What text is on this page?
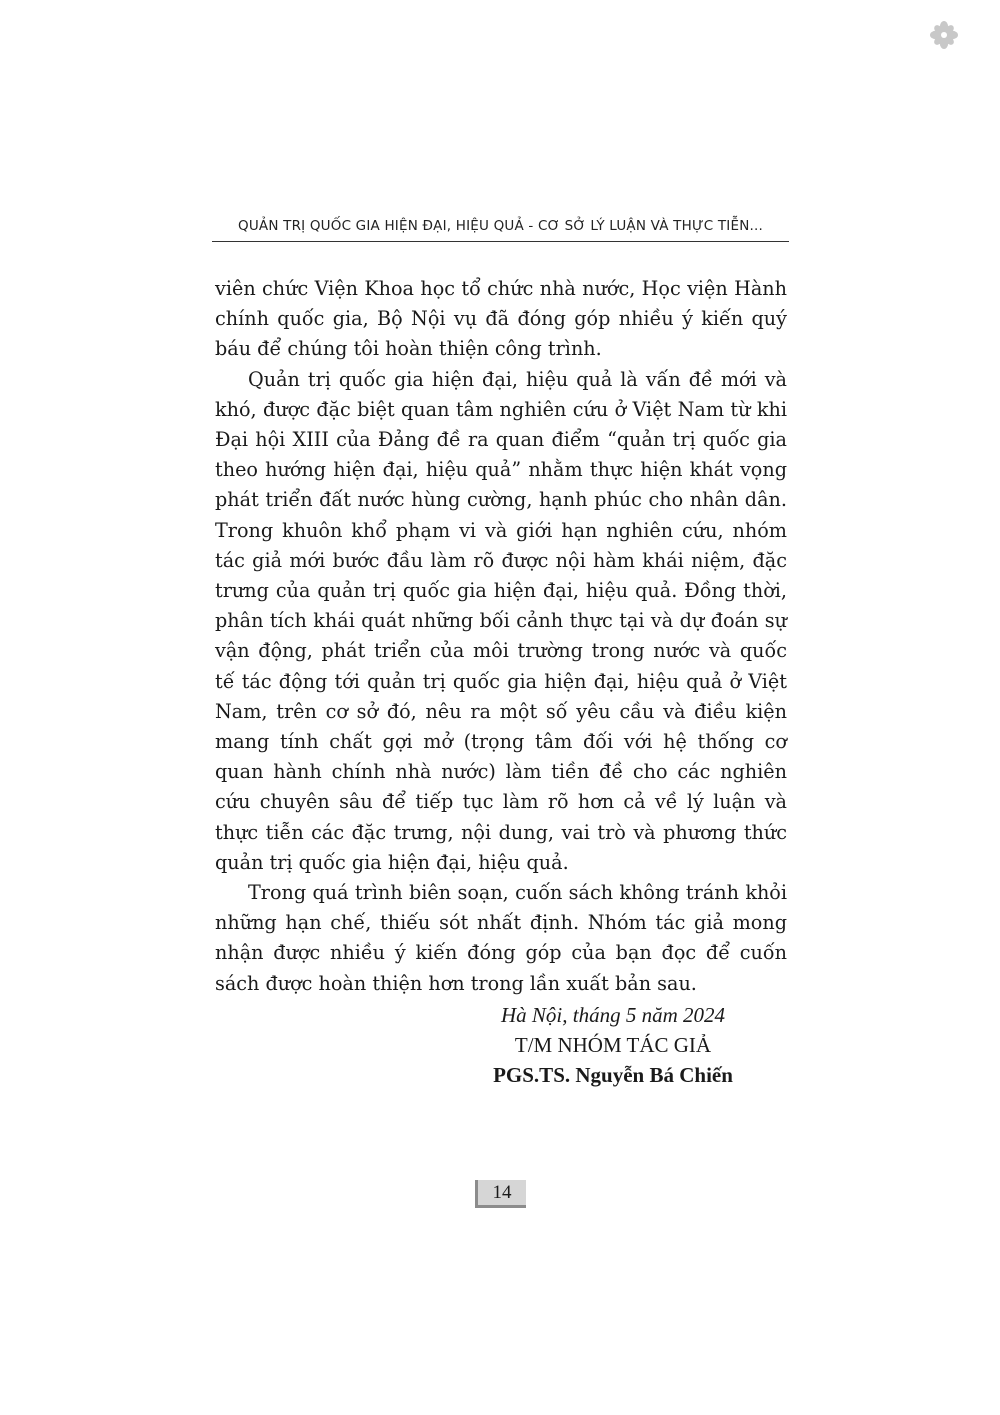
QUẢN TRỊ QUỐC GIA HIỆN ĐẠI, HIỆU QUẢ - CƠ SỞ LÝ LUẬN VÀ THỰC TIỄN...

viên chức Viện Khoa học tổ chức nhà nước, Học viện Hành chính quốc gia, Bộ Nội vụ đã đóng góp nhiều ý kiến quý báu để chúng tôi hoàn thiện công trình.

Quản trị quốc gia hiện đại, hiệu quả là vấn đề mới và khó, được đặc biệt quan tâm nghiên cứu ở Việt Nam từ khi Đại hội XIII của Đảng đề ra quan điểm “quản trị quốc gia theo hướng hiện đại, hiệu quả” nhằm thực hiện khát vọng phát triển đất nước hùng cường, hạnh phúc cho nhân dân. Trong khuôn khổ phạm vi và giới hạn nghiên cứu, nhóm tác giả mới bước đầu làm rõ được nội hàm khái niệm, đặc trưng của quản trị quốc gia hiện đại, hiệu quả. Đồng thời, phân tích khái quát những bối cảnh thực tại và dự đoán sự vận động, phát triển của môi trường trong nước và quốc tế tác động tới quản trị quốc gia hiện đại, hiệu quả ở Việt Nam, trên cơ sở đó, nêu ra một số yêu cầu và điều kiện mang tính chất gợi mở (trọng tâm đối với hệ thống cơ quan hành chính nhà nước) làm tiền đề cho các nghiên cứu chuyên sâu để tiếp tục làm rõ hơn cả về lý luận và thực tiễn các đặc trưng, nội dung, vai trò và phương thức quản trị quốc gia hiện đại, hiệu quả.

Trong quá trình biên soạn, cuốn sách không tránh khỏi những hạn chế, thiếu sót nhất định. Nhóm tác giả mong nhận được nhiều ý kiến đóng góp của bạn đọc để cuốn sách được hoàn thiện hơn trong lần xuất bản sau.

Hà Nội, tháng 5 năm 2024
T/M NHÓM TÁC GIẢ
PGS.TS. Nguyễn Bá Chiến
14
